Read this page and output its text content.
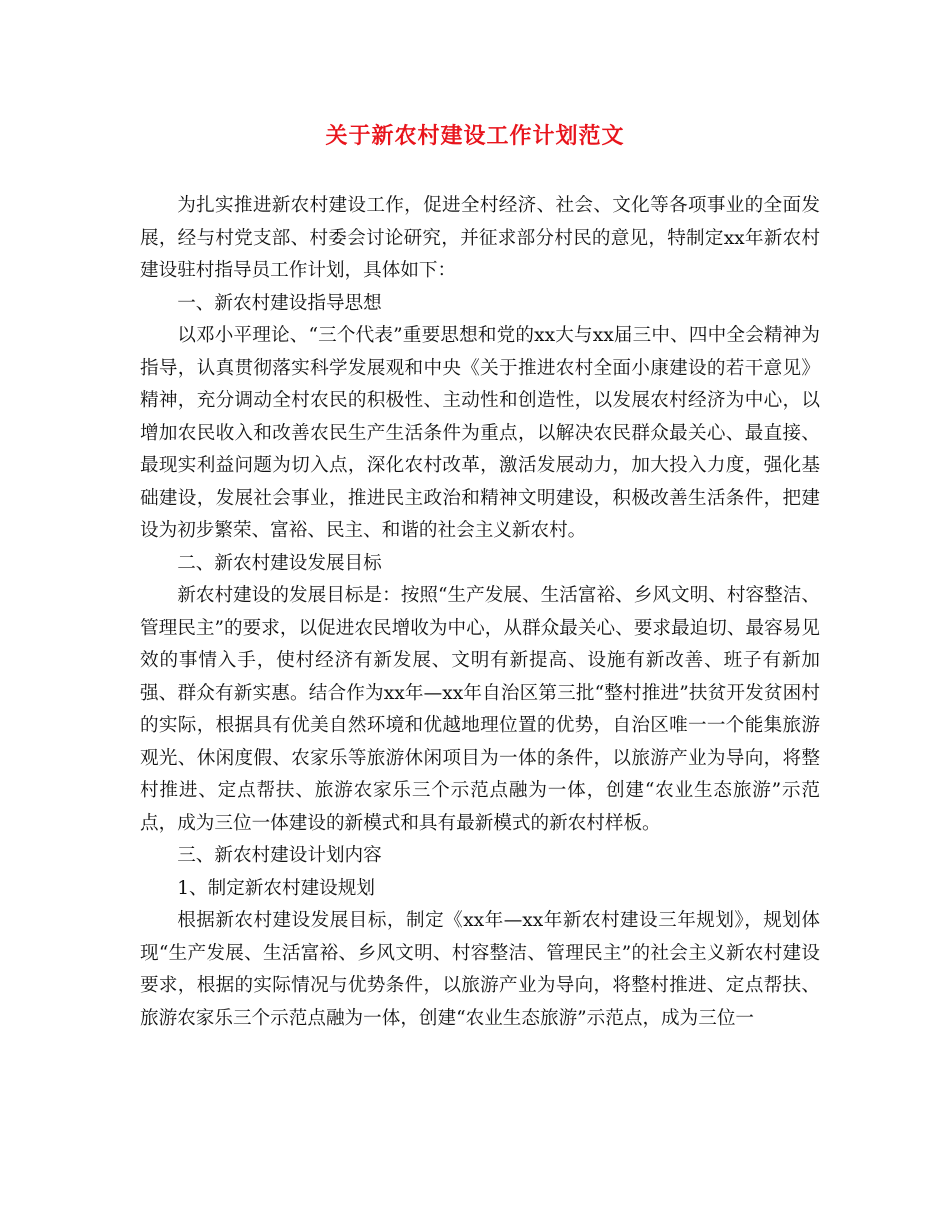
关于新农村建设工作计划范文

为扎实推进新农村建设工作，促进全村经济、社会、文化等各项事业的全面发展，经与村党支部、村委会讨论研究，并征求部分村民的意见，特制定xx年新农村建设驻村指导员工作计划，具体如下：

一、新农村建设指导思想

以邓小平理论、“三个代表”重要思想和党的xx大与xx届三中、四中全会精神为指导，认真贯彻落实科学发展观和中央《关于推进农村全面小康建设的若干意见》精神，充分调动全村农民的积极性、主动性和创造性，以发展农村经济为中心，以增加农民收入和改善农民生产生活条件为重点，以解决农民群众最关心、最直接、最现实利益问题为切入点，深化农村改革，激活发展动力，加大投入力度，强化基础建设，发展社会事业，推进民主政治和精神文明建设，积极改善生活条件，把建设为初步繁荣、富裕、民主、和谐的社会主义新农村。

二、新农村建设发展目标

新农村建设的发展目标是：按照“生产发展、生活富裕、乡风文明、村容整洁、管理民主”的要求，以促进农民增收为中心，从群众最关心、要求最迫切、最容易见效的事情入手，使村经济有新发展、文明有新提高、设施有新改善、班子有新加强、群众有新实惠。结合作为xx年—xx年自治区第三批“整村推进”扶贫开发贫困村的实际，根据具有优美自然环境和优越地理位置的优势，自治区唯一一个能集旅游观光、休闲度假、农家乐等旅游休闲项目为一体的条件，以旅游产业为导向，将整村推进、定点帮扶、旅游农家乐三个示范点融为一体，创建“农业生态旅游”示范点，成为三位一体建设的新模式和具有最新模式的新农村样板。

三、新农村建设计划内容

1、制定新农村建设规划

根据新农村建设发展目标，制定《xx年—xx年新农村建设三年规划》，规划体现“生产发展、生活富裕、乡风文明、村容整洁、管理民主”的社会主义新农村建设要求，根据的实际情况与优势条件，以旅游产业为导向，将整村推进、定点帮扶、旅游农家乐三个示范点融为一体，创建“农业生态旅游”示范点，成为三位一
